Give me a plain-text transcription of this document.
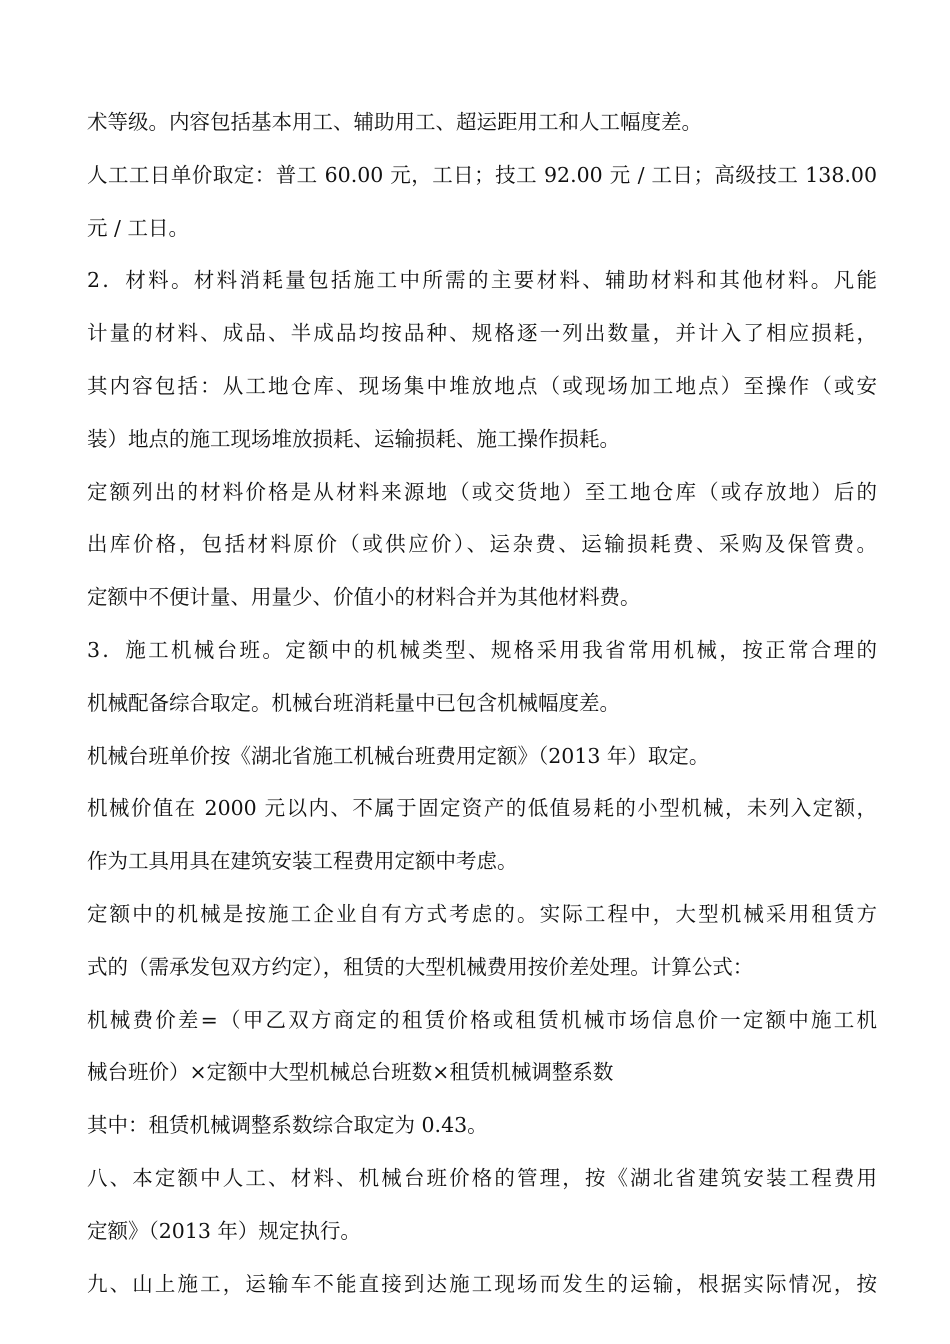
术等级。内容包括基本用工、辅助用工、超运距用工和人工幅度差。
人工工日单价取定：普工 60.00 元，工日；技工 92.00 元 / 工日；高级技工 138.00
元 / 工日。
2．材料。材料消耗量包括施工中所需的主要材料、辅助材料和其他材料。凡能
计量的材料、成品、半成品均按品种、规格逐一列出数量，并计入了相应损耗，
其内容包括：从工地仓库、现场集中堆放地点（或现场加工地点）至操作（或安
装）地点的施工现场堆放损耗、运输损耗、施工操作损耗。
定额列出的材料价格是从材料来源地（或交货地）至工地仓库（或存放地）后的
出库价格，包括材料原价（或供应价）、运杂费、运输损耗费、采购及保管费。
定额中不便计量、用量少、价值小的材料合并为其他材料费。
3．施工机械台班。定额中的机械类型、规格采用我省常用机械，按正常合理的
机械配备综合取定。机械台班消耗量中已包含机械幅度差。
机械台班单价按《湖北省施工机械台班费用定额》（2013 年）取定。
机械价值在 2000 元以内、不属于固定资产的低值易耗的小型机械，未列入定额，
作为工具用具在建筑安装工程费用定额中考虑。
定额中的机械是按施工企业自有方式考虑的。实际工程中，大型机械采用租赁方
式的（需承发包双方约定），租赁的大型机械费用按价差处理。计算公式：
机械费价差=（甲乙双方商定的租赁价格或租赁机械市场信息价一定额中施工机
械台班价）×定额中大型机械总台班数×租赁机械调整系数
其中：租赁机械调整系数综合取定为 0.43。
八、本定额中人工、材料、机械台班价格的管理，按《湖北省建筑安装工程费用
定额》（2013 年）规定执行。
九、山上施工，运输车不能直接到达施工现场而发生的运输，根据实际情况，按
